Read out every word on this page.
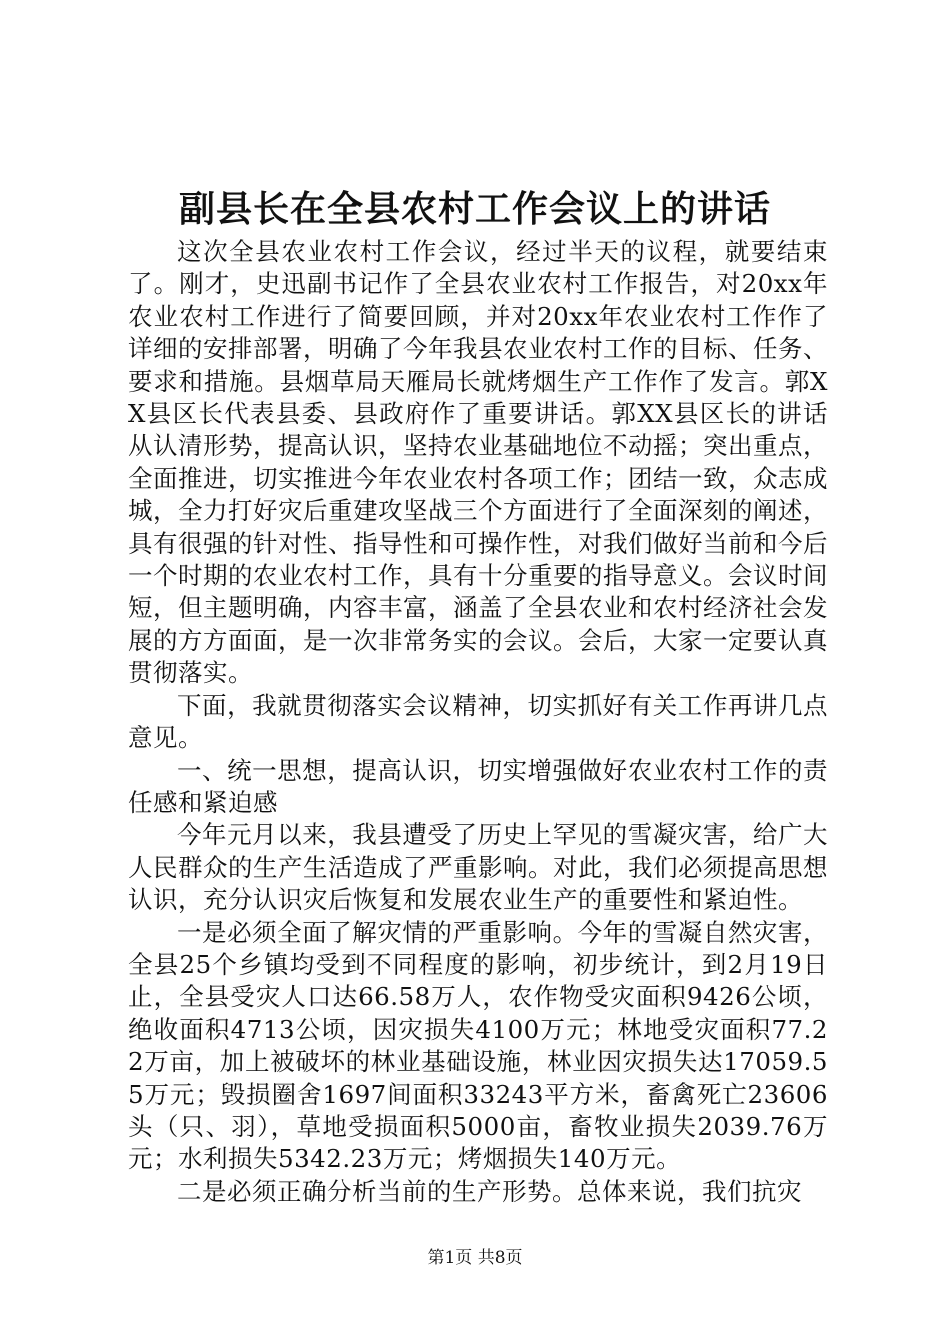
副县长在全县农村工作会议上的讲话

这次全县农业农村工作会议，经过半天的议程，就要结束了。刚才，史迅副书记作了全县农业农村工作报告，对20xx年农业农村工作进行了简要回顾，并对20xx年农业农村工作作了详细的安排部署，明确了今年我县农业农村工作的目标、任务、要求和措施。县烟草局天雁局长就烤烟生产工作作了发言。郭XX县区长代表县委、县政府作了重要讲话。郭XX县区长的讲话从认清形势，提高认识，坚持农业基础地位不动摇；突出重点，全面推进，切实推进今年农业农村各项工作；团结一致，众志成城，全力打好灾后重建攻坚战三个方面进行了全面深刻的阐述，具有很强的针对性、指导性和可操作性，对我们做好当前和今后一个时期的农业农村工作，具有十分重要的指导意义。会议时间短，但主题明确，内容丰富，涵盖了全县农业和农村经济社会发展的方方面面，是一次非常务实的会议。会后，大家一定要认真贯彻落实。

下面，我就贯彻落实会议精神，切实抓好有关工作再讲几点意见。

一、统一思想，提高认识，切实增强做好农业农村工作的责任感和紧迫感

今年元月以来，我县遭受了历史上罕见的雪凝灾害，给广大人民群众的生产生活造成了严重影响。对此，我们必须提高思想认识，充分认识灾后恢复和发展农业生产的重要性和紧迫性。

一是必须全面了解灾情的严重影响。今年的雪凝自然灾害，全县25个乡镇均受到不同程度的影响，初步统计，到2月19日止，全县受灾人口达66.58万人，农作物受灾面积9426公顷，绝收面积4713公顷，因灾损失4100万元；林地受灾面积77.22万亩，加上被破坏的林业基础设施，林业因灾损失达17059.55万元；毁损圈舍1697间面积33243平方米，畜禽死亡23606头（只、羽），草地受损面积5000亩，畜牧业损失2039.76万元；水利损失5342.23万元；烤烟损失140万元。

二是必须正确分析当前的生产形势。总体来说，我们抗灾

第1页 共8页
